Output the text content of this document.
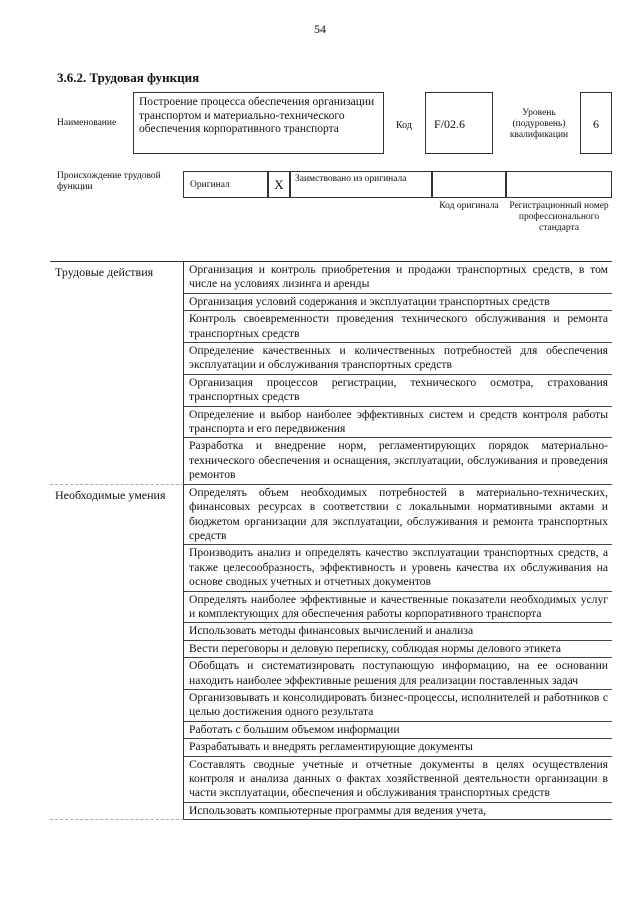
54
3.6.2. Трудовая функция
Наименование
Построение процесса обеспечения организации транспортом и материально-технического обеспечения корпоративного транспорта	Код	F/02.6
Уровень (подуровень) квалификации
6
Происхождение трудовой функции	Оригинал	X	Заимствовано из оригинала
Код оригинала	Регистрационный номер профессионального стандарта
Трудовые действия	Организация и контроль приобретения и продажи транспортных средств, в том числе на условиях лизинга и аренды
Организация условий содержания и эксплуатации транспортных средств
Контроль своевременности проведения технического обслуживания и ремонта транспортных средств
Определение качественных и количественных потребностей для обеспечения эксплуатации и обслуживания транспортных средств
Организация процессов регистрации, технического осмотра, страхования транспортных средств
Определение и выбор наиболее эффективных систем и средств контроля работы транспорта и его передвижения
Разработка и внедрение норм, регламентирующих порядок материально-технического обеспечения и оснащения, эксплуатации, обслуживания и проведения ремонтов
Необходимые умения	Определять объем необходимых потребностей в материально-технических, финансовых ресурсах в соответствии с локальными нормативными актами и бюджетом организации для эксплуатации, обслуживания и ремонта транспортных средств
Производить анализ и определять качество эксплуатации транспортных средств, а также целесообразность, эффективность и уровень качества их обслуживания на основе сводных учетных и отчетных документов
Определять наиболее эффективные и качественные показатели необходимых услуг и комплектующих для обеспечения работы корпоративного транспорта
Использовать методы финансовых вычислений и анализа
Вести переговоры и деловую переписку, соблюдая нормы делового этикета
Обобщать и систематизировать поступающую информацию, на ее основании находить наиболее эффективные решения для реализации поставленных задач
Организовывать и консолидировать бизнес-процессы, исполнителей и работников с целью достижения одного результата
Работать с большим объемом информации
Разрабатывать и внедрять регламентирующие документы
Составлять сводные учетные и отчетные документы в целях осуществления контроля и анализа данных о фактах хозяйственной деятельности организации в части эксплуатации, обеспечения и обслуживания транспортных средств
Использовать компьютерные программы для ведения учета,
